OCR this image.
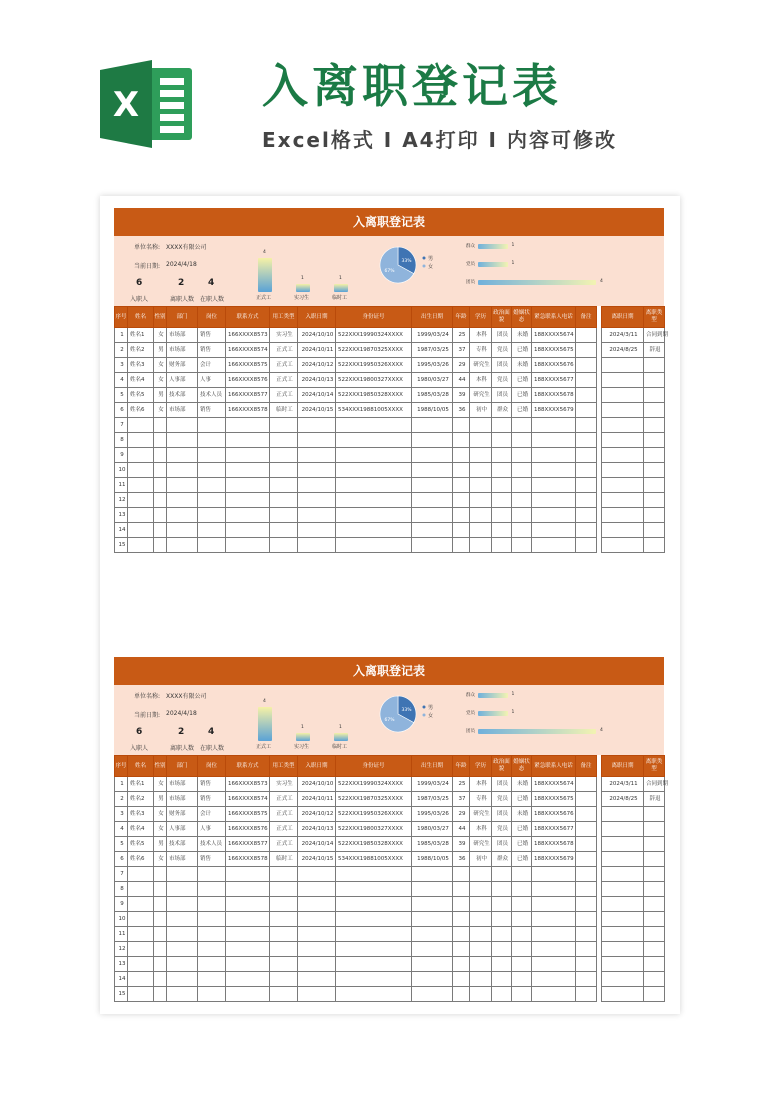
X	入离职登记表
Excel格式 I A4打印 I 内容可修改
入离职登记表
单位名称: XXXX有限公司
当前日期: 2024/4/18
6
入职人
2
离职人数
4
在职人数
4
正式工
1
实习生
1
临时工
33%	男
67%
女
群众	1
党员	1
团员	4
序号	姓名	性别	部门	岗位	联系方式	用工类型	入职日期	身份证号	出生日期	年龄	学历	政治面貌	婚姻状态	紧急联系人电话	备注		离职日期	离职类型
1	姓名1	女	市场部	销售	166XXXX8573	实习生	2024/10/10	522XXX19990324XXXX	1999/03/24	25	本科	团员	未婚	188XXXX5674			2024/3/11	合同到期
2	姓名2	男	市场部	销售	166XXXX8574	正式工	2024/10/11	522XXX19870325XXXX	1987/03/25	37	专科	党员	已婚	188XXXX5675			2024/8/25	辞退
3	姓名3	女	财务部	会计	166XXXX8575	正式工	2024/10/12	522XXX19950326XXXX	1995/03/26	29	研究生	团员	未婚	188XXXX5676				
4	姓名4	女	人事部	人事	166XXXX8576	正式工	2024/10/13	522XXX19800327XXXX	1980/03/27	44	本科	党员	已婚	188XXXX5677				
5	姓名5	男	技术部	技术人员	166XXXX8577	正式工	2024/10/14	522XXX19850328XXXX	1985/03/28	39	研究生	团员	已婚	188XXXX5678				
6	姓名6	女	市场部	销售	166XXXX8578	临时工	2024/10/15	534XXX19881005XXXX	1988/10/05	36	初中	群众	已婚	188XXXX5679				
7																		
8																		
9																		
10																		
11																		
12																		
13																		
14																		
15																		
入离职登记表
单位名称: XXXX有限公司
当前日期: 2024/4/18
6
入职人
2
离职人数
4
在职人数
4
正式工
1
实习生
1
临时工
33%	男
67%
女
群众	1
党员	1
团员	4
序号	姓名	性别	部门	岗位	联系方式	用工类型	入职日期	身份证号	出生日期	年龄	学历	政治面貌	婚姻状态	紧急联系人电话	备注		离职日期	离职类型
1	姓名1	女	市场部	销售	166XXXX8573	实习生	2024/10/10	522XXX19990324XXXX	1999/03/24	25	本科	团员	未婚	188XXXX5674			2024/3/11	合同到期
2	姓名2	男	市场部	销售	166XXXX8574	正式工	2024/10/11	522XXX19870325XXXX	1987/03/25	37	专科	党员	已婚	188XXXX5675			2024/8/25	辞退
3	姓名3	女	财务部	会计	166XXXX8575	正式工	2024/10/12	522XXX19950326XXXX	1995/03/26	29	研究生	团员	未婚	188XXXX5676				
4	姓名4	女	人事部	人事	166XXXX8576	正式工	2024/10/13	522XXX19800327XXXX	1980/03/27	44	本科	党员	已婚	188XXXX5677				
5	姓名5	男	技术部	技术人员	166XXXX8577	正式工	2024/10/14	522XXX19850328XXXX	1985/03/28	39	研究生	团员	已婚	188XXXX5678				
6	姓名6	女	市场部	销售	166XXXX8578	临时工	2024/10/15	534XXX19881005XXXX	1988/10/05	36	初中	群众	已婚	188XXXX5679				
7																		
8																		
9																		
10																		
11																		
12																		
13																		
14																		
15																		
